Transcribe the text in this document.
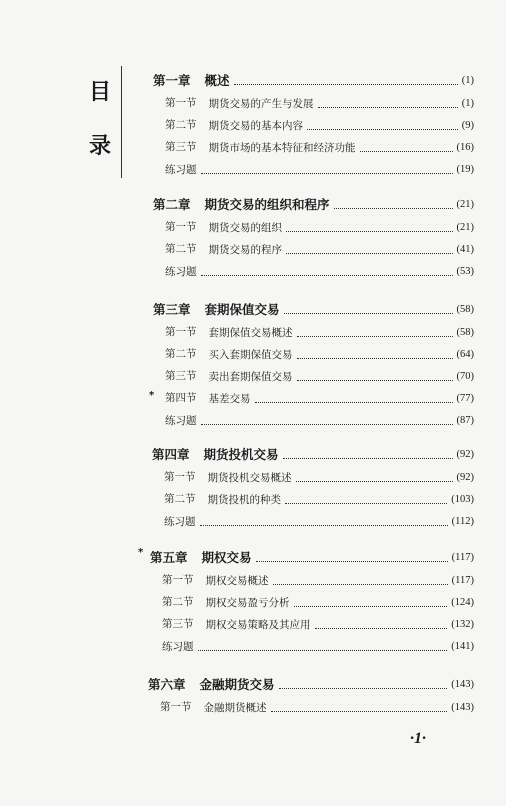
目
录
第一章	概述	(1)
第一节	期货交易的产生与发展	(1)
第二节	期货交易的基本内容	(9)
第三节	期货市场的基本特征和经济功能	(16)
练习题	(19)
第二章	期货交易的组织和程序	(21)
第一节	期货交易的组织	(21)
第二节	期货交易的程序	(41)
练习题	(53)
第三章	套期保值交易	(58)
第一节	套期保值交易概述	(58)
第二节	买入套期保值交易	(64)
第三节	卖出套期保值交易	(70)
第四节	基差交易	(77)
*
练习题	(87)
第四章	期货投机交易	(92)
第一节	期货投机交易概述	(92)
第二节	期货投机的种类	(103)
练习题	(112)
第五章	期权交易	(117)
*
第一节	期权交易概述	(117)
第二节	期权交易盈亏分析	(124)
第三节	期权交易策略及其应用	(132)
练习题	(141)
第六章	金融期货交易	(143)
第一节	金融期货概述	(143)
·1·
